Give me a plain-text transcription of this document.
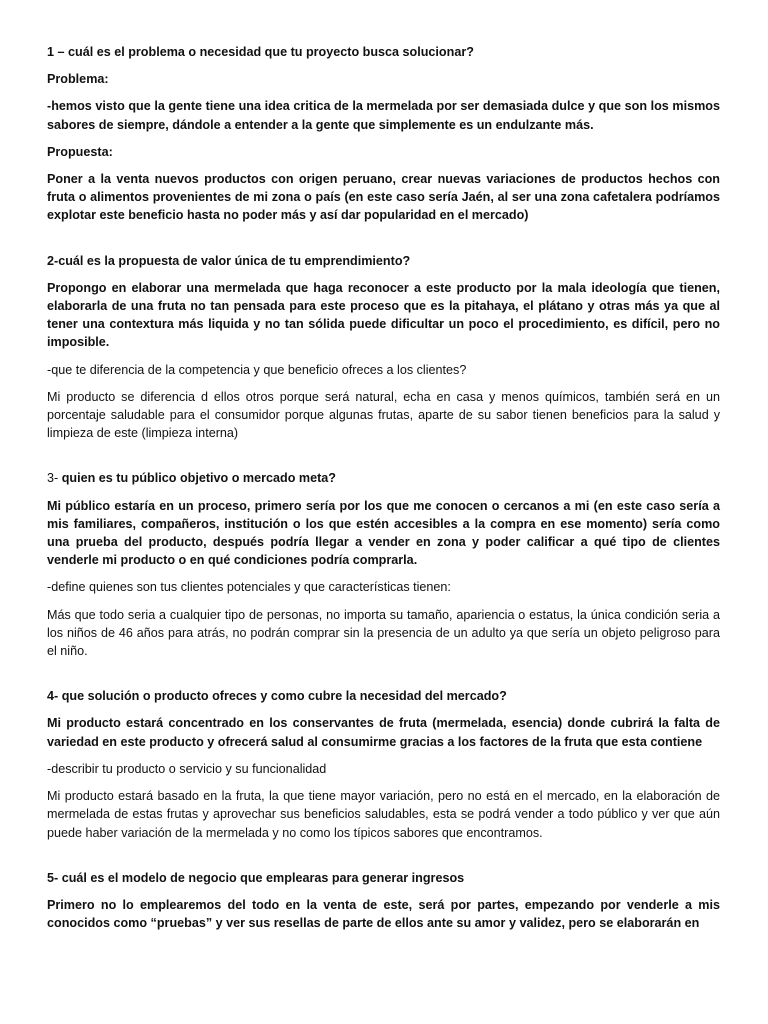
1 – cuál es el problema o necesidad que tu proyecto busca solucionar?

Problema:

-hemos visto que la gente tiene una idea critica de la mermelada por ser demasiada dulce y que son los mismos sabores de siempre, dándole a entender a la gente que simplemente es un endulzante más.

Propuesta:

Poner a la venta nuevos productos con origen peruano, crear nuevas variaciones de productos hechos con fruta o alimentos provenientes de mi zona o país (en este caso sería Jaén, al ser una zona cafetalera podríamos explotar este beneficio hasta no poder más y así dar popularidad en el mercado)

2-cuál es la propuesta de valor única de tu emprendimiento?

Propongo en elaborar una mermelada que haga reconocer a este producto por la mala ideología que tienen, elaborarla de una fruta no tan pensada para este proceso que es la pitahaya, el plátano y otras más ya que al tener una contextura más liquida y no tan sólida puede dificultar un poco el procedimiento, es difícil, pero no imposible.

-que te diferencia de la competencia y que beneficio ofreces a los clientes?

Mi producto se diferencia d ellos otros porque será natural, echa en casa y menos químicos, también será en un porcentaje saludable para el consumidor porque algunas frutas, aparte de su sabor tienen beneficios para la salud y limpieza de este (limpieza interna)

3- quien es tu público objetivo o mercado meta?

Mi público estaría en un proceso, primero sería por los que me conocen o cercanos a mi (en este caso sería a mis familiares, compañeros, institución o los que estén accesibles a la compra en ese momento) sería como una prueba del producto, después podría llegar a vender en zona y poder calificar a qué tipo de clientes venderle mi producto o en qué condiciones podría comprarla.

-define quienes son tus clientes potenciales y que características tienen:

Más que todo seria a cualquier tipo de personas, no importa su tamaño, apariencia o estatus, la única condición seria a los niños de 46 años para atrás, no podrán comprar sin la presencia de un adulto ya que sería un objeto peligroso para el niño.

4- que solución o producto ofreces y como cubre la necesidad del mercado?

Mi producto estará concentrado en los conservantes de fruta (mermelada, esencia) donde cubrirá la falta de variedad en este producto y ofrecerá salud al consumirme gracias a los factores de la fruta que esta contiene

-describir tu producto o servicio y su funcionalidad

Mi producto estará basado en la fruta, la que tiene mayor variación, pero no está en el mercado, en la elaboración de mermelada de estas frutas y aprovechar sus beneficios saludables, esta se podrá vender a todo público y ver que aún puede haber variación de la mermelada y no como los típicos sabores que encontramos.

5- cuál es el modelo de negocio que emplearas para generar ingresos

Primero no lo emplearemos del todo en la venta de este, será por partes, empezando por venderle a mis conocidos como “pruebas” y ver sus resellas de parte de ellos ante su amor y validez, pero se elaborarán en
